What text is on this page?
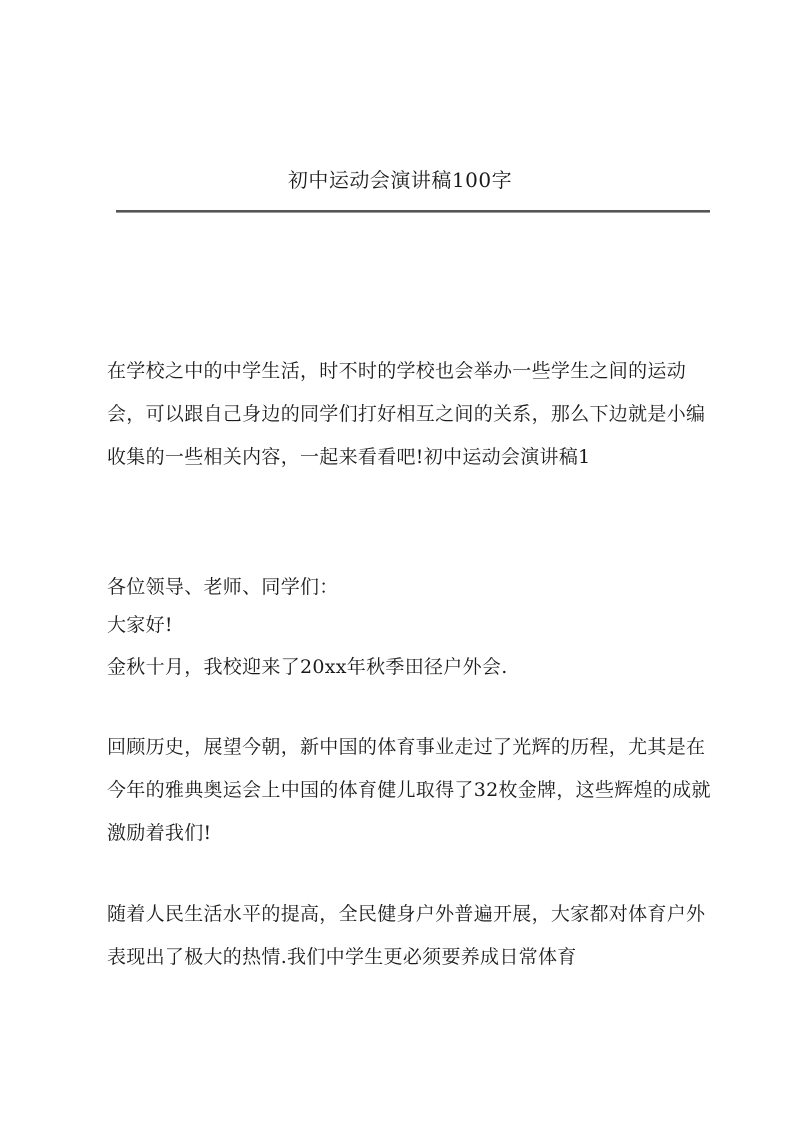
初中运动会演讲稿100字

在学校之中的中学生活，时不时的学校也会举办一些学生之间的运动会，可以跟自己身边的同学们打好相互之间的关系，那么下边就是小编收集的一些相关内容，一起来看看吧!初中运动会演讲稿1

各位领导、老师、同学们：

大家好!

金秋十月，我校迎来了20xx年秋季田径户外会.

回顾历史，展望今朝，新中国的体育事业走过了光辉的历程，尤其是在今年的雅典奥运会上中国的体育健儿取得了32枚金牌，这些辉煌的成就激励着我们!

随着人民生活水平的提高，全民健身户外普遍开展，大家都对体育户外表现出了极大的热情.我们中学生更必须要养成日常体育
